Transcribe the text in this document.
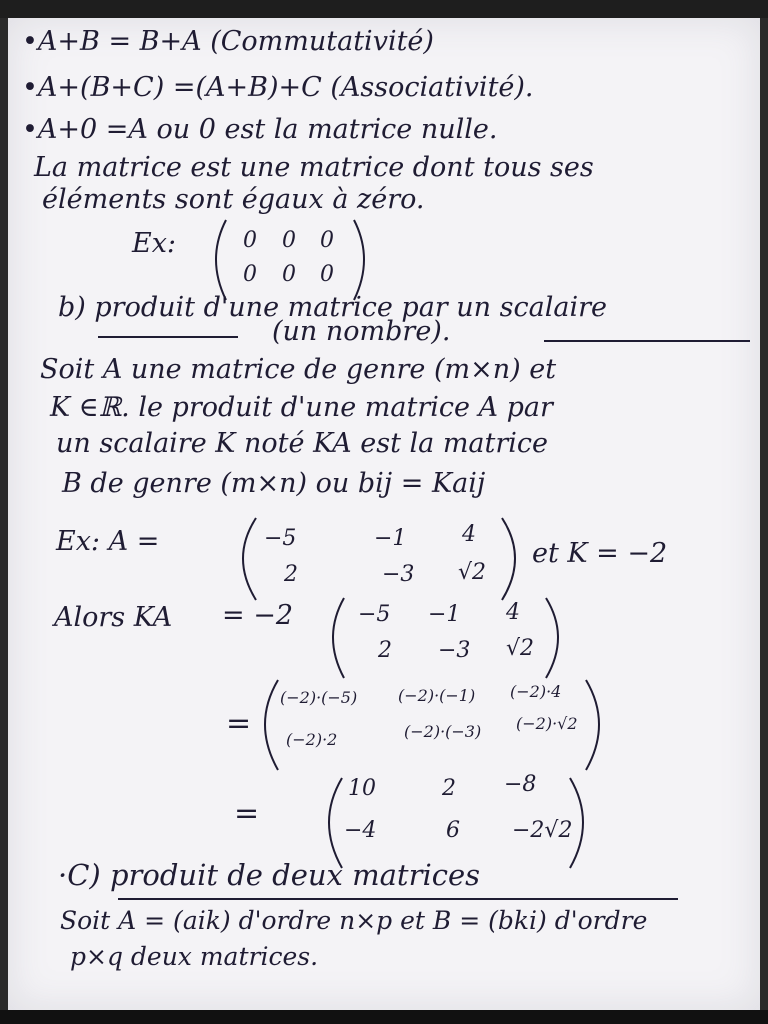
•A+B = B+A (Commutativité)
•A+(B+C) =(A+B)+C (Associativité).
•A+0 =A ou 0 est la matrice nulle.
La matrice est une matrice dont tous ses
éléments sont égaux à zéro.
Ex:	0 0 0
0 0 0
b) produit d'une matrice par un scalaire
(un nombre).
Soit A une matrice de genre (m×n) et
K ∈ℝ. le produit d'une matrice A par
un scalaire K noté KA est la matrice
B de genre (m×n) ou bij = Kaij
Ex: A =	−5	−1	4
2	−3 √2
et K = −2
Alors KA = −2	−5 −1 4
2 −3 √2
=
(−2)·(−5)	(−2)·(−1) (−2)·4
(−2)·2	(−2)·(−3) (−2)·√2
=
10	2 −8
−4	6 −2√2
·C) produit de deux matrices
Soit A = (aik) d'ordre n×p et B = (bki) d'ordre
p×q deux matrices.
